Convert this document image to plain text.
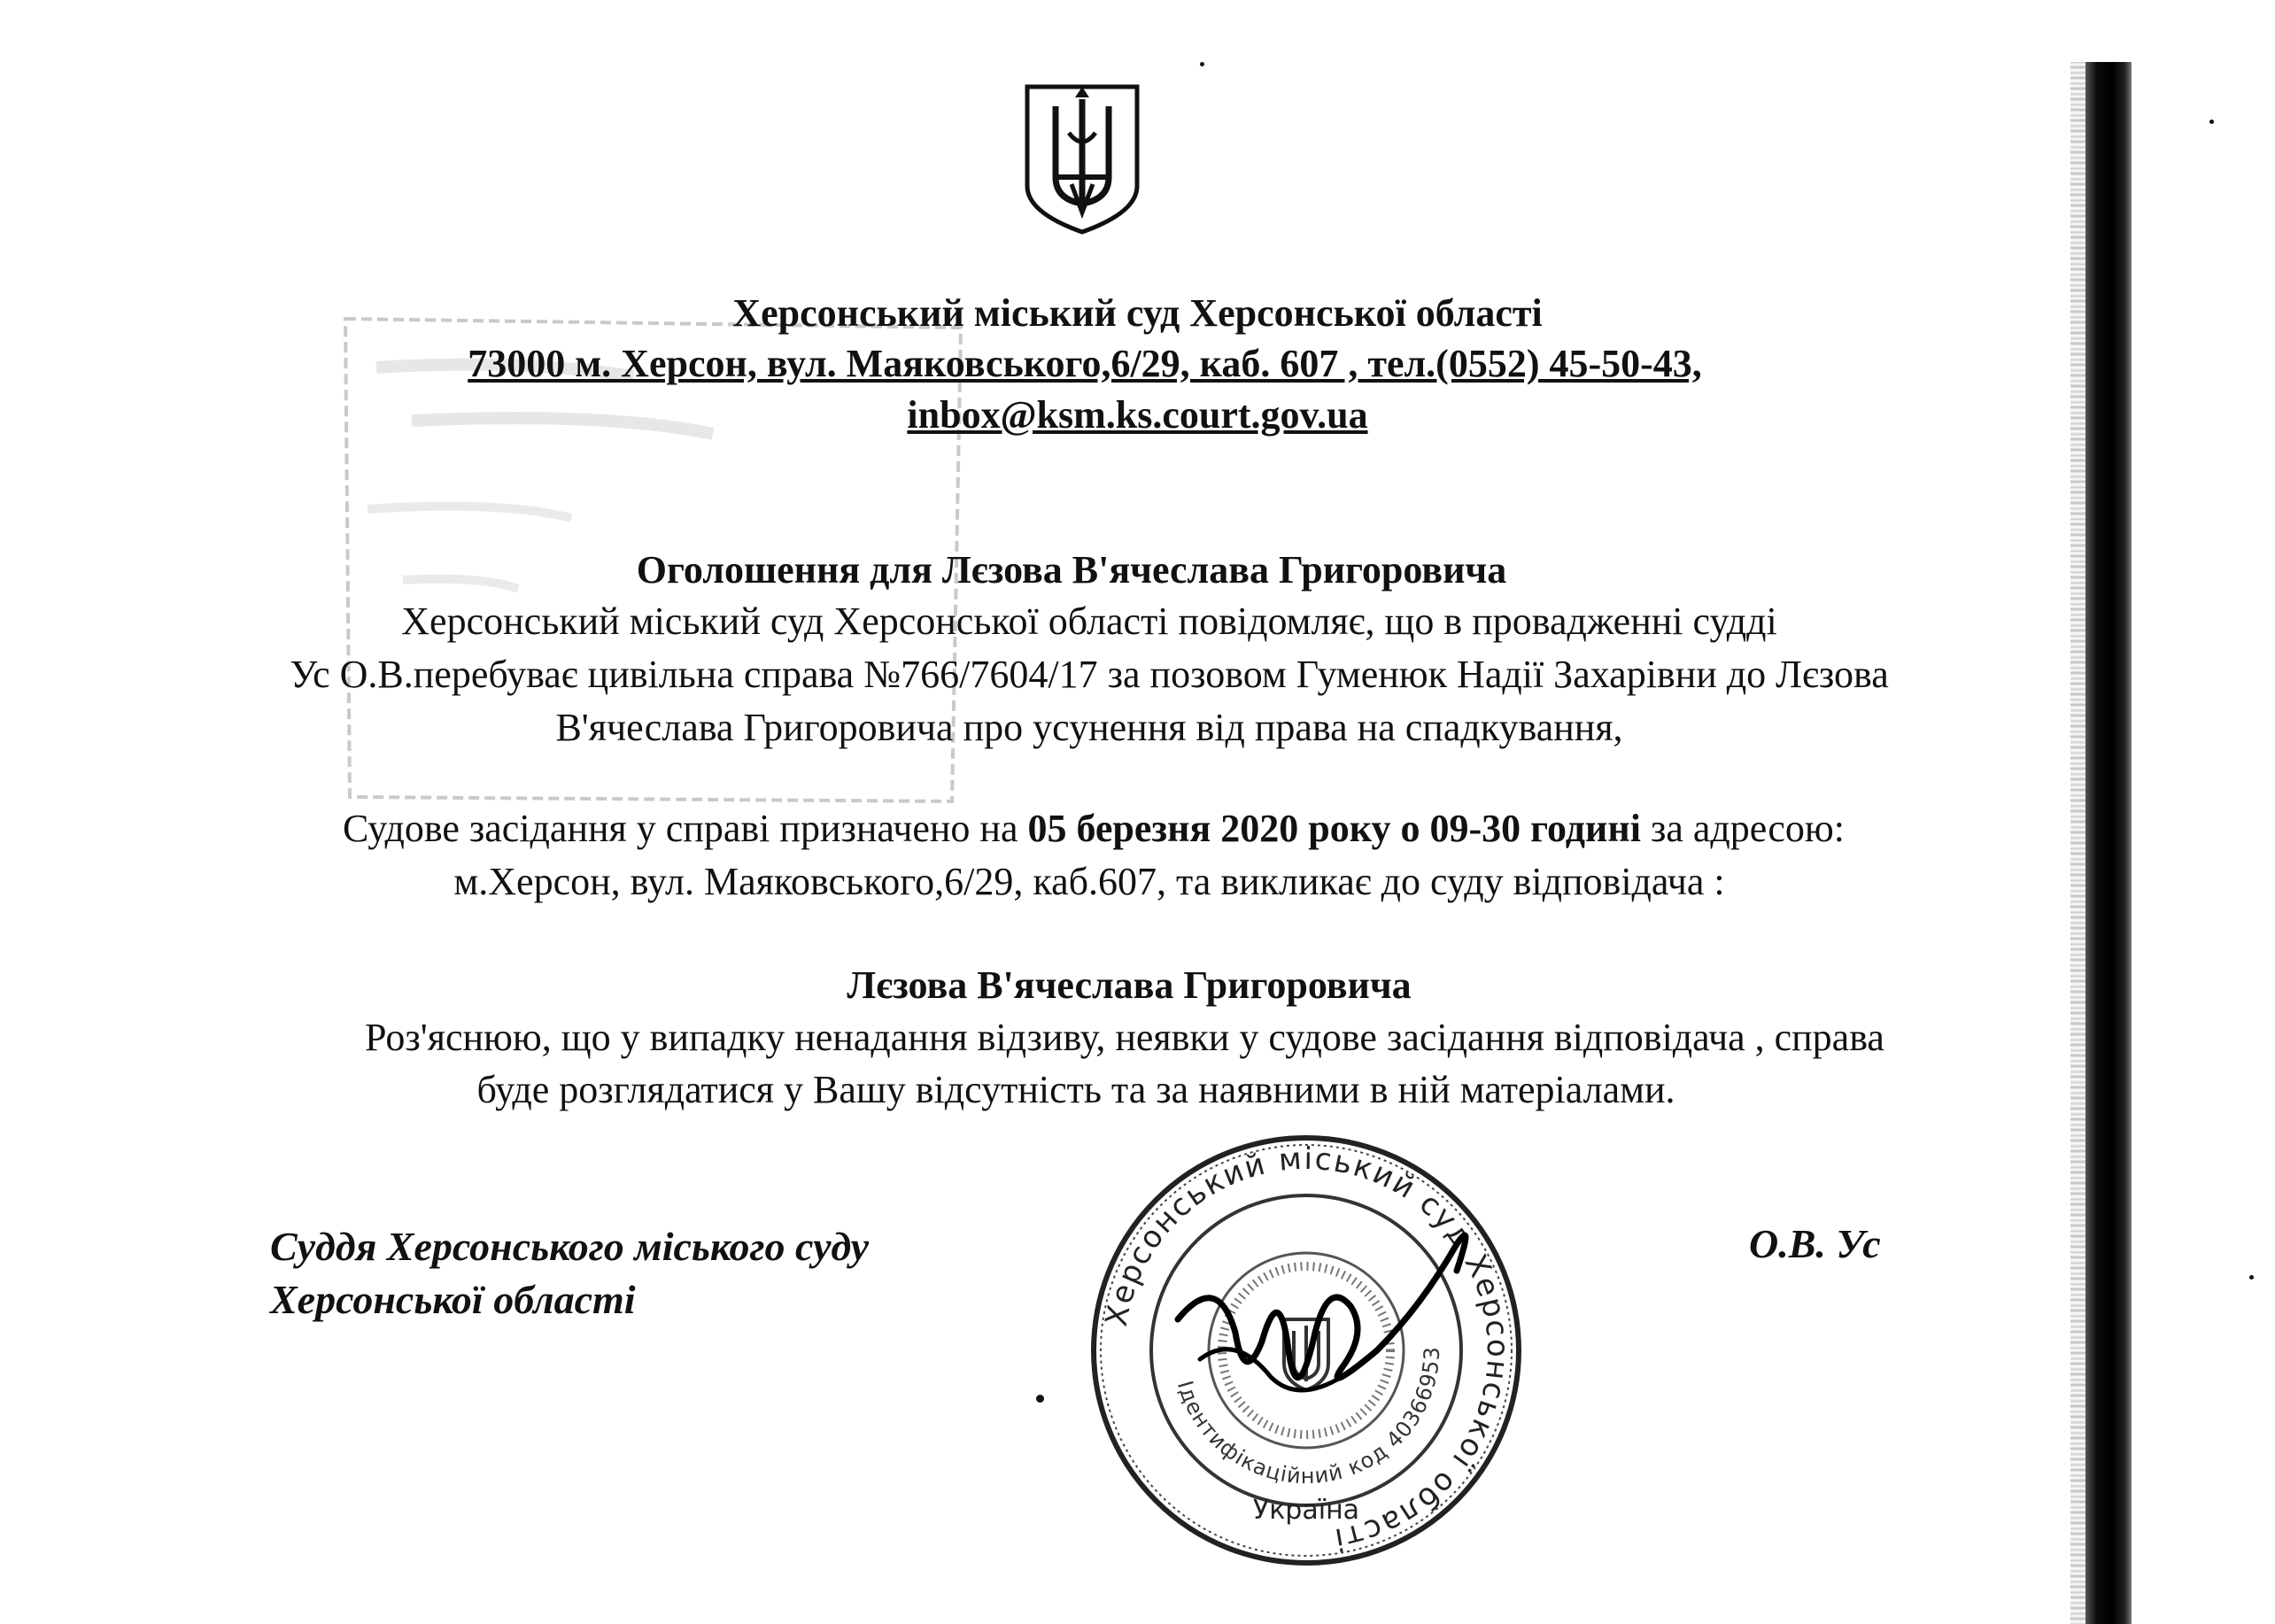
Херсонський міський суд Херсонської області
73000 м. Херсон, вул. Маяковського,6/29, каб. 607 , тел.(0552) 45-50-43,
inbox@ksm.ks.court.gov.ua
Оголошення для Лєзова В'ячеслава Григоровича
Херсонський міський суд Херсонської області повідомляє, що в провадженні судді
Ус О.В.перебуває цивільна справа №766/7604/17 за позовом Гуменюк Надії Захарівни до Лєзова
В'ячеслава Григоровича про усунення від права на спадкування,
Судове засідання у справі призначено на 05 березня 2020 року о 09-30 годині за адресою:
м.Херсон, вул. Маяковського,6/29, каб.607, та викликає до суду відповідача :
Лєзова В'ячеслава Григоровича
Роз'яснюю, що у випадку ненадання відзиву, неявки у судове засідання відповідача , справа
буде розглядатися у Вашу відсутність та за наявними в ній матеріалами.
Суддя Херсонського міського суду
Херсонської області
О.В. Ус
Херсонський міський суд Херсонської області
Ідентифікаційний код 40366953
Україна
